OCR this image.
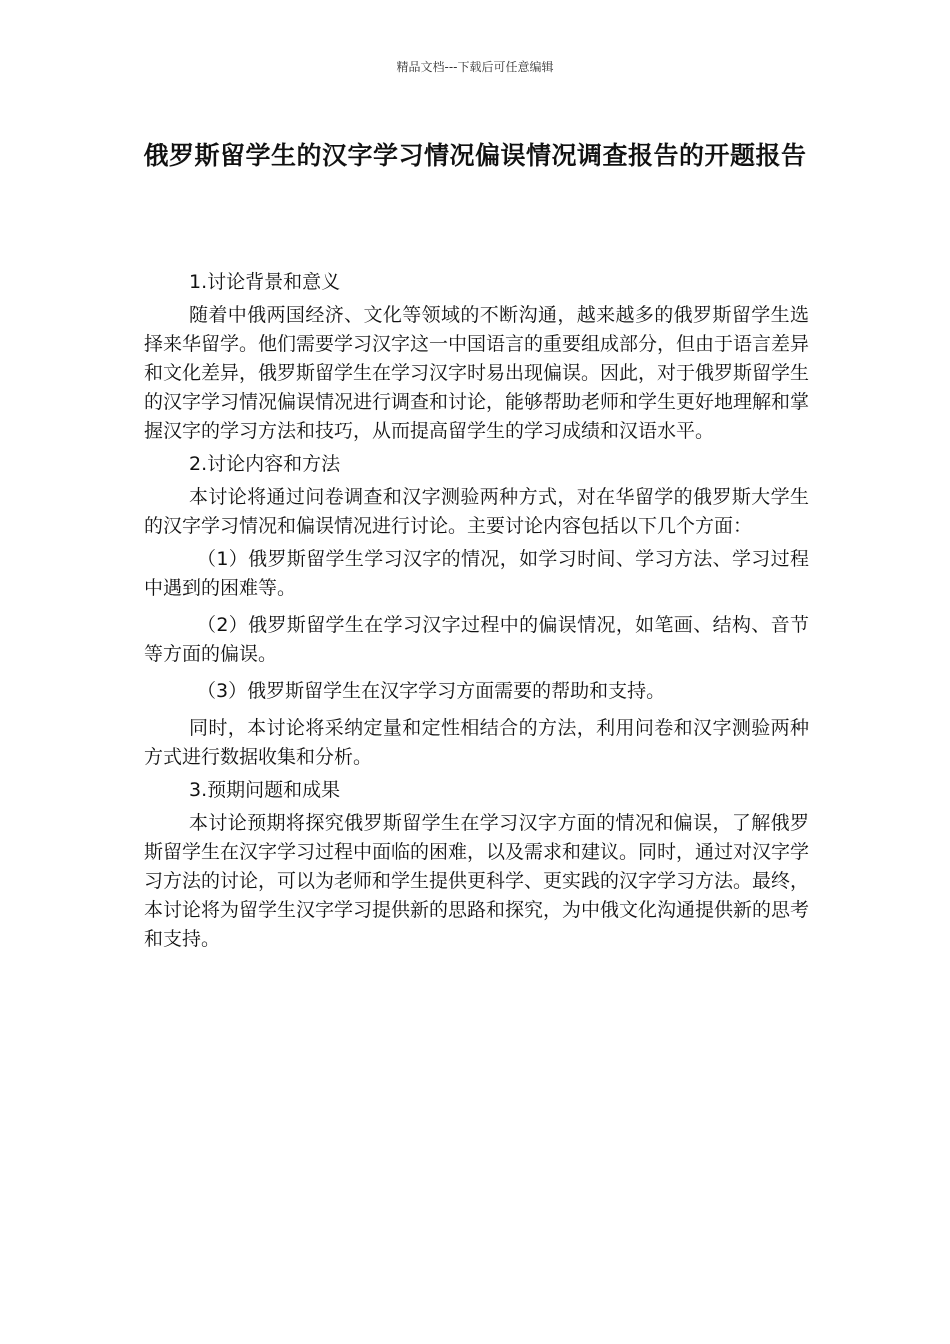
精品文档---下载后可任意编辑
俄罗斯留学生的汉字学习情况偏误情况调查报告的开题报告

1.讨论背景和意义

随着中俄两国经济、文化等领域的不断沟通，越来越多的俄罗斯留学生选择来华留学。他们需要学习汉字这一中国语言的重要组成部分，但由于语言差异和文化差异，俄罗斯留学生在学习汉字时易出现偏误。因此，对于俄罗斯留学生的汉字学习情况偏误情况进行调查和讨论，能够帮助老师和学生更好地理解和掌握汉字的学习方法和技巧，从而提高留学生的学习成绩和汉语水平。

2.讨论内容和方法

本讨论将通过问卷调查和汉字测验两种方式，对在华留学的俄罗斯大学生的汉字学习情况和偏误情况进行讨论。主要讨论内容包括以下几个方面：

（1）俄罗斯留学生学习汉字的情况，如学习时间、学习方法、学习过程中遇到的困难等。

（2）俄罗斯留学生在学习汉字过程中的偏误情况，如笔画、结构、音节等方面的偏误。

（3）俄罗斯留学生在汉字学习方面需要的帮助和支持。

同时，本讨论将采纳定量和定性相结合的方法，利用问卷和汉字测验两种方式进行数据收集和分析。

3.预期问题和成果

本讨论预期将探究俄罗斯留学生在学习汉字方面的情况和偏误，了解俄罗斯留学生在汉字学习过程中面临的困难，以及需求和建议。同时，通过对汉字学习方法的讨论，可以为老师和学生提供更科学、更实践的汉字学习方法。最终，本讨论将为留学生汉字学习提供新的思路和探究，为中俄文化沟通提供新的思考和支持。
